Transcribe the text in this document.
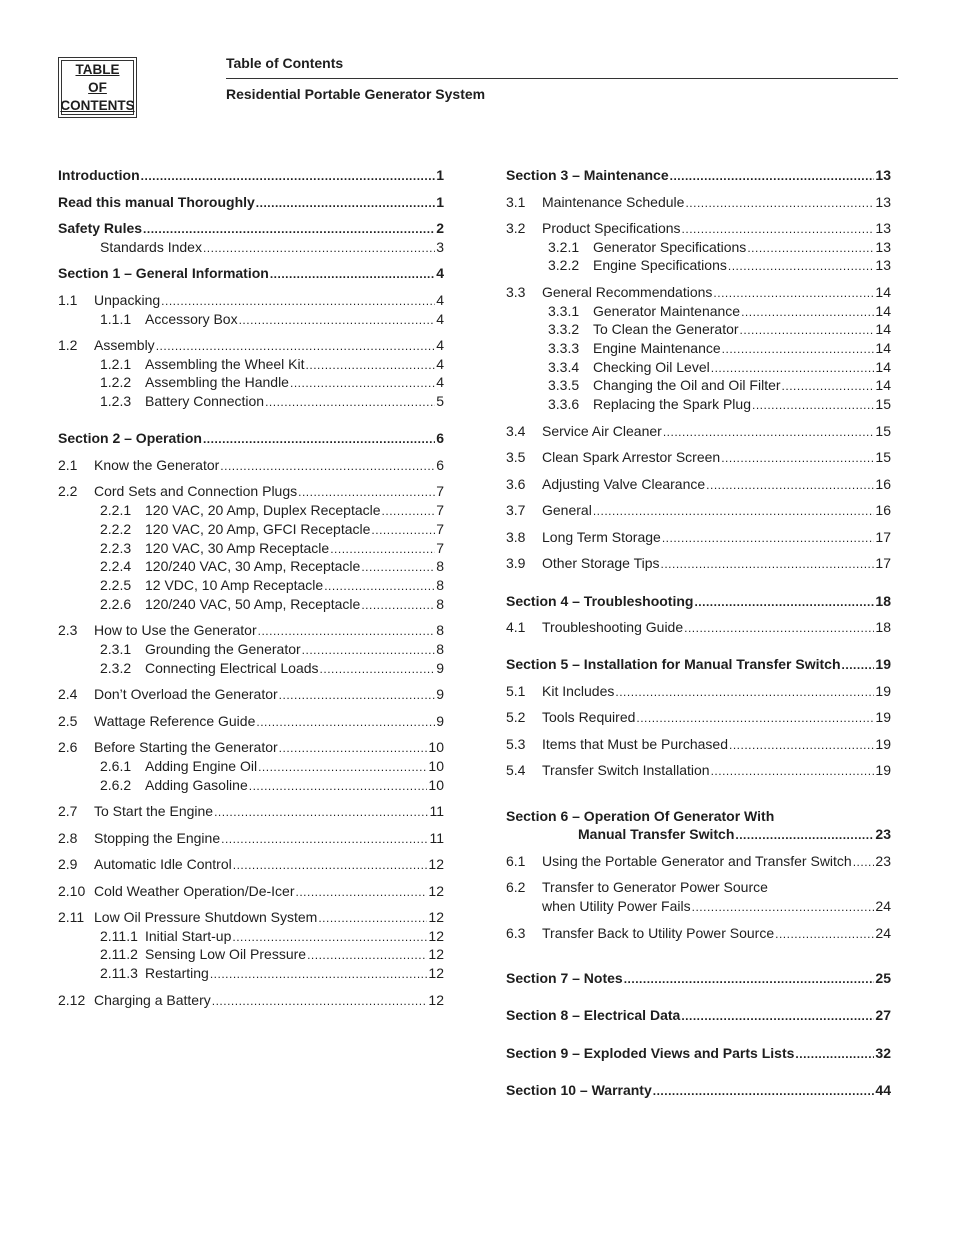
TABLE
OF
CONTENTS
Table of Contents
Residential Portable Generator System
Introduction .....	1
Read this manual Thoroughly .....	1
Safety Rules .....	2
Standards Index .....	3
Section 1 – General Information .....	4
1.1 Unpacking .....	4
1.1.1 Accessory Box .....	4
1.2 Assembly .....	4
1.2.1 Assembling the Wheel Kit .....	4
1.2.2 Assembling the Handle .....	4
1.2.3 Battery Connection .....	5
Section 2 – Operation .....	6
2.1 Know the Generator .....	6
2.2 Cord Sets and Connection Plugs .....	7
2.2.1 120 VAC, 20 Amp, Duplex Receptacle .....	7
2.2.2 120 VAC, 20 Amp, GFCI Receptacle .....	7
2.2.3 120 VAC, 30 Amp Receptacle .....	7
2.2.4 120/240 VAC, 30 Amp, Receptacle .....	8
2.2.5 12 VDC, 10 Amp Receptacle .....	8
2.2.6 120/240 VAC, 50 Amp, Receptacle .....	8
2.3 How to Use the Generator .....	8
2.3.1 Grounding the Generator .....	8
2.3.2 Connecting Electrical Loads .....	9
2.4 Don’t Overload the Generator .....	9
2.5 Wattage Reference Guide .....	9
2.6 Before Starting the Generator .....	10
2.6.1 Adding Engine Oil .....	10
2.6.2 Adding Gasoline .....	10
2.7 To Start the Engine .....	11
2.8 Stopping the Engine .....	11
2.9 Automatic Idle Control .....	12
2.10 Cold Weather Operation/De-Icer .....	12
2.11 Low Oil Pressure Shutdown System .....	12
2.11.1 Initial Start-up .....	12
2.11.2 Sensing Low Oil Pressure .....	12
2.11.3 Restarting .....	12
2.12 Charging a Battery .....	12
Section 3 – Maintenance .....	13
3.1 Maintenance Schedule .....	13
3.2 Product Specifications .....	13
3.2.1 Generator Specifications .....	13
3.2.2 Engine Specifications .....	13
3.3 General Recommendations .....	14
3.3.1 Generator Maintenance .....	14
3.3.2 To Clean the Generator .....	14
3.3.3 Engine Maintenance .....	14
3.3.4 Checking Oil Level .....	14
3.3.5 Changing the Oil and Oil Filter .....	14
3.3.6 Replacing the Spark Plug .....	15
3.4 Service Air Cleaner .....	15
3.5 Clean Spark Arrestor Screen .....	15
3.6 Adjusting Valve Clearance .....	16
3.7 General .....	16
3.8 Long Term Storage .....	17
3.9 Other Storage Tips .....	17
Section 4 – Troubleshooting .....	18
4.1 Troubleshooting Guide .....	18
Section 5 – Installation for Manual Transfer Switch ..... 19
5.1 Kit Includes .....	19
5.2 Tools Required .....	19
5.3 Items that Must be Purchased .....	19
5.4 Transfer Switch Installation .....	19
Section 6 – Operation Of Generator With
Manual Transfer Switch .....	23
6.1 Using the Portable Generator and Transfer Switch ..... 23
6.2 Transfer to Generator Power Source
when Utility Power Fails .....	24
6.3 Transfer Back to Utility Power Source .....	24
Section 7 – Notes .....	25
Section 8 – Electrical Data .....	27
Section 9 – Exploded Views and Parts Lists .....	32
Section 10 – Warranty .....	44
